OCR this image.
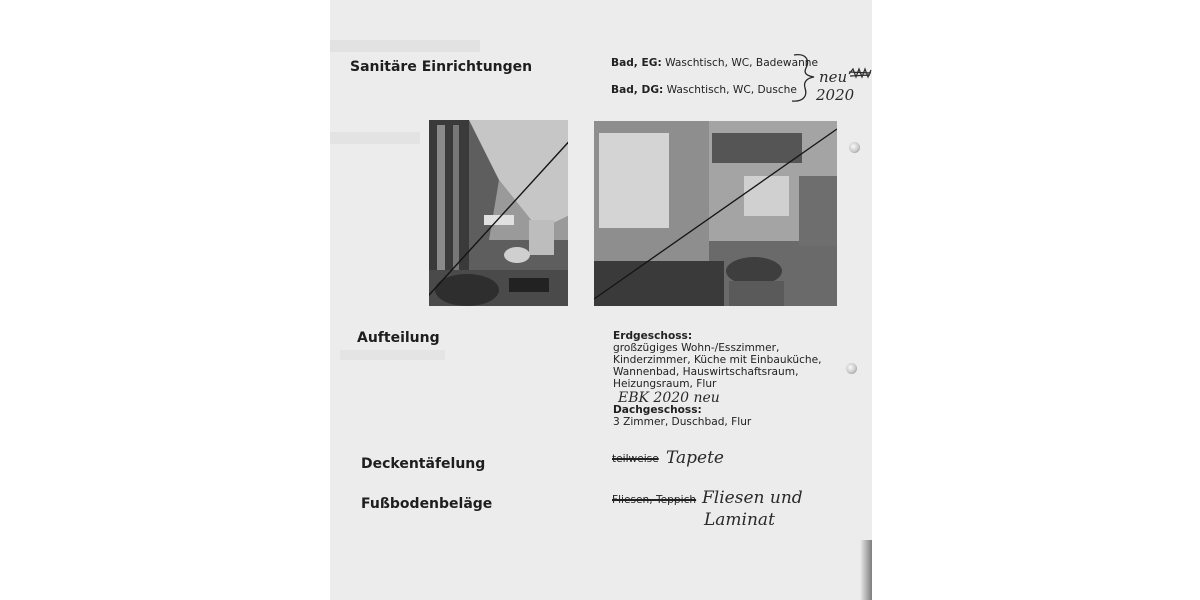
Sanitäre Einrichtungen	Bad, EG: Waschtisch, WC, Badewanne
Bad, DG: Waschtisch, WC, Dusche
neu
2020
Aufteilung	Erdgeschoss:
großzügiges Wohn-/Esszimmer,
Kinderzimmer, Küche mit Einbauküche,
Wannenbad, Hauswirtschaftsraum,
Heizungsraum, Flur
EBK 2020 neu
Dachgeschoss:
3 Zimmer, Duschbad, Flur
Deckentäfelung	teilweise Tapete
Fußbodenbeläge	Fliesen, Teppich Fliesen und
Laminat
